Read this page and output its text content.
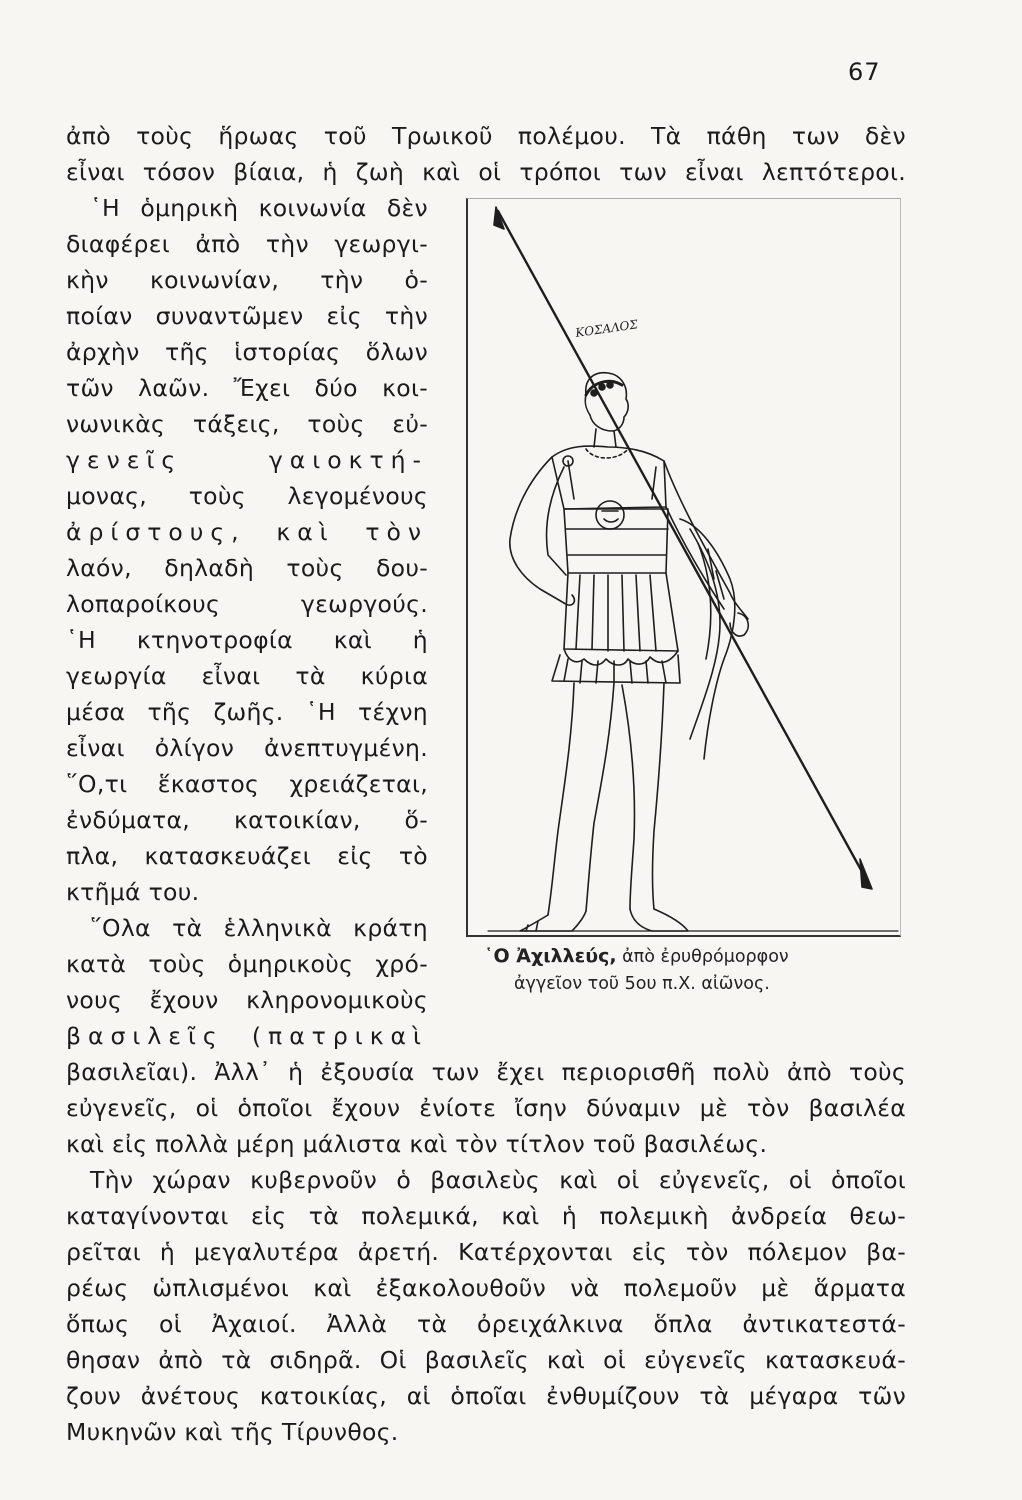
67
ἀπὸ τοὺς ἥρωας τοῦ Τρωικοῦ πολέμου. Τὰ πάθη των δὲν
εἶναι τόσον βίαια, ἡ ζωὴ καὶ οἱ τρόποι των εἶναι λεπτότεροι.
῾Η ὁμηρικὴ κοινωνία δὲν
διαφέρει ἀπὸ τὴν γεωργι-
κὴν κοινωνίαν, τὴν ὁ-
ποίαν συναντῶμεν εἰς τὴν
ἀρχὴν τῆς ἱστορίας ὅλων
τῶν λαῶν. Ἔχει δύο κοι-
νωνικὰς τάξεις, τοὺς εὐ-
γενεῖς γαιοκτή-
μονας, τοὺς λεγομένους
ἀρίστους, καὶ τὸν
λαόν, δηλαδὴ τοὺς δου-
λοπαροίκους γεωργούς.
῾Η κτηνοτροφία καὶ ἡ
γεωργία εἶναι τὰ κύρια
μέσα τῆς ζωῆς. ῾Η τέχνη
εἶναι ὀλίγον ἀνεπτυγμένη.
῞Ο,τι ἕκαστος χρειάζεται,
ἐνδύματα, κατοικίαν, ὅ-
πλα, κατασκευάζει εἰς τὸ
κτῆμά του.
῞Ολα τὰ ἑλληνικὰ κράτη
κατὰ τοὺς ὁμηρικοὺς χρό-
νους ἔχουν κληρονομικοὺς
βασιλεῖς (πατρικαὶ
βασιλεῖαι). Ἀλλ᾿ ἡ ἐξουσία των ἔχει περιορισθῆ πολὺ ἀπὸ τοὺς
εὐγενεῖς, οἱ ὁποῖοι ἔχουν ἐνίοτε ἴσην δύναμιν μὲ τὸν βασιλέα
καὶ εἰς πολλὰ μέρη μάλιστα καὶ τὸν τίτλον τοῦ βασιλέως.
Τὴν χώραν κυβερνοῦν ὁ βασιλεὺς καὶ οἱ εὐγενεῖς, οἱ ὁποῖοι
καταγίνονται εἰς τὰ πολεμικά, καὶ ἡ πολεμικὴ ἀνδρεία θεω-
ρεῖται ἡ μεγαλυτέρα ἀρετή. Κατέρχονται εἰς τὸν πόλεμον βα-
ρέως ὡπλισμένοι καὶ ἐξακολουθοῦν νὰ πολεμοῦν μὲ ἅρματα
ὅπως οἱ Ἀχαιοί. Ἀλλὰ τὰ ὀρειχάλκινα ὅπλα ἀντικατεστά-
θησαν ἀπὸ τὰ σιδηρᾶ. Οἱ βασιλεῖς καὶ οἱ εὐγενεῖς κατασκευά-
ζουν ἀνέτους κατοικίας, αἱ ὁποῖαι ἐνθυμίζουν τὰ μέγαρα τῶν
Μυκηνῶν καὶ τῆς Τίρυνθος.
ΚΟΣΑΛΟΣ
῾Ο Ἀχιλλεύς, ἀπὸ ἐρυθρόμορφον
ἀγγεῖον τοῦ 5ου π.Χ. αἰῶνος.
